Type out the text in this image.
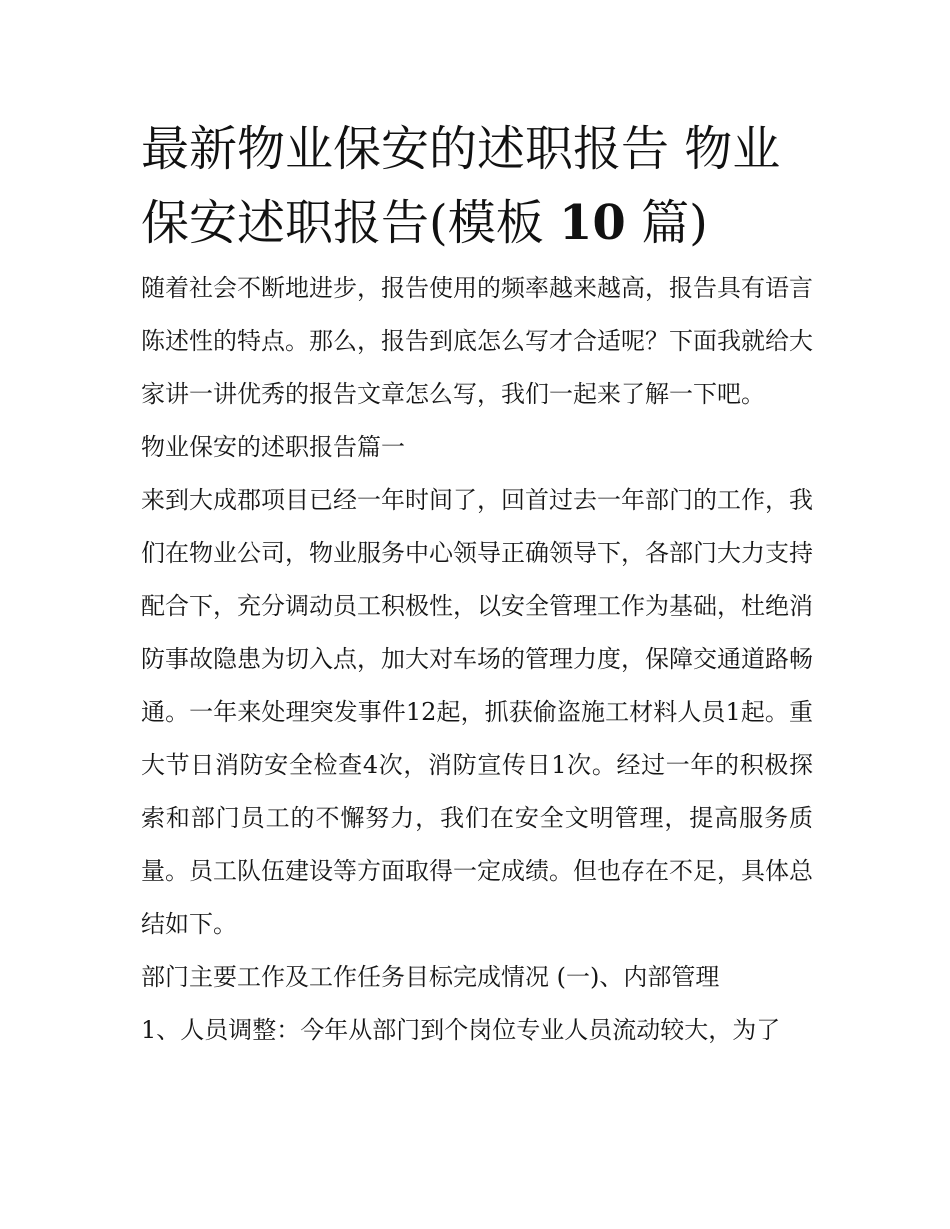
最新物业保安的述职报告 物业保安述职报告(模板 10 篇)

随着社会不断地进步，报告使用的频率越来越高，报告具有语言陈述性的特点。那么，报告到底怎么写才合适呢？下面我就给大家讲一讲优秀的报告文章怎么写，我们一起来了解一下吧。

物业保安的述职报告篇一

来到大成郡项目已经一年时间了，回首过去一年部门的工作，我们在物业公司，物业服务中心领导正确领导下，各部门大力支持配合下，充分调动员工积极性，以安全管理工作为基础，杜绝消防事故隐患为切入点，加大对车场的管理力度，保障交通道路畅通。一年来处理突发事件12起，抓获偷盗施工材料人员1起。重大节日消防安全检查4次，消防宣传日1次。经过一年的积极探索和部门员工的不懈努力，我们在安全文明管理，提高服务质量。员工队伍建设等方面取得一定成绩。但也存在不足，具体总结如下。

部门主要工作及工作任务目标完成情况 (一)、内部管理

1、人员调整：今年从部门到个岗位专业人员流动较大，为了
